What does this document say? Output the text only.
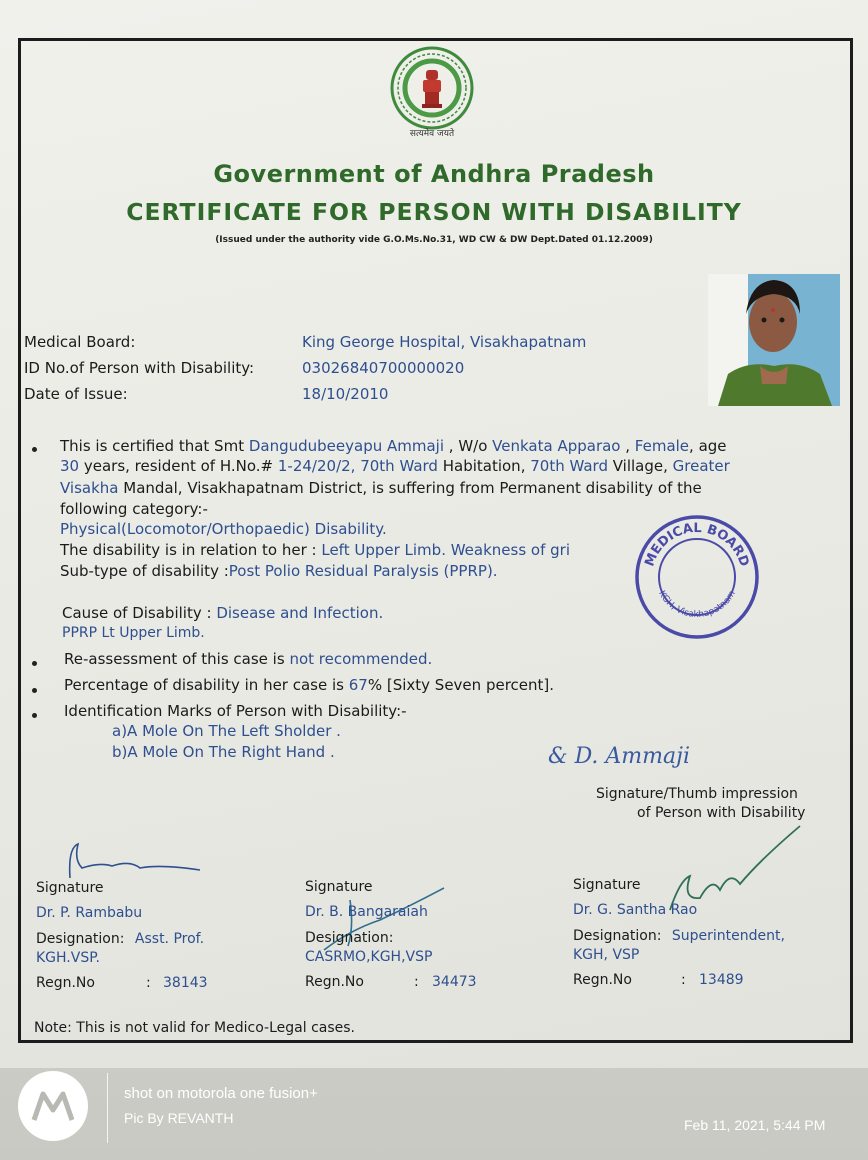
सत्यमेव जयते
Government of Andhra Pradesh
CERTIFICATE FOR PERSON WITH DISABILITY
(Issued under the authority vide G.O.Ms.No.31, WD CW & DW Dept.Dated 01.12.2009)
Medical Board:	King George Hospital, Visakhapatnam
ID No.of Person with Disability:	03026840700000020
Date of Issue:	18/10/2010
This is certified that Smt Dangudubeeyapu Ammaji , W/o Venkata Apparao , Female, age
30 years, resident of H.No.# 1-24/20/2, 70th Ward Habitation, 70th Ward Village, Greater
Visakha Mandal, Visakhapatnam District, is suffering from Permanent disability of the
following category:-
Physical(Locomotor/Orthopaedic) Disability.
The disability is in relation to her : Left Upper Limb. Weakness of gri
Sub-type of disability :Post Polio Residual Paralysis (PPRP).
Cause of Disability : Disease and Infection.
PPRP Lt Upper Limb.
Re-assessment of this case is not recommended.
Percentage of disability in her case is 67% [Sixty Seven percent].
Identification Marks of Person with Disability:-
a)A Mole On The Left Sholder .
b)A Mole On The Right Hand .
MEDICAL BOARD
KGH, Visakhapatnam
& D. Ammaji
Signature/Thumb impression
of Person with Disability
Signature
Dr. P. Rambabu
Designation: Asst. Prof.
KGH.VSP.
Regn.No	: 38143
Signature
Dr. B. Bangaraiah
Designation:
CASRMO,KGH,VSP
Regn.No	: 34473
Signature
Dr. G. Santha Rao
Designation: Superintendent,
KGH, VSP
Regn.No	: 13489
Note: This is not valid for Medico-Legal cases.
shot on motorola one fusion+
Pic By REVANTH	Feb 11, 2021, 5:44 PM
